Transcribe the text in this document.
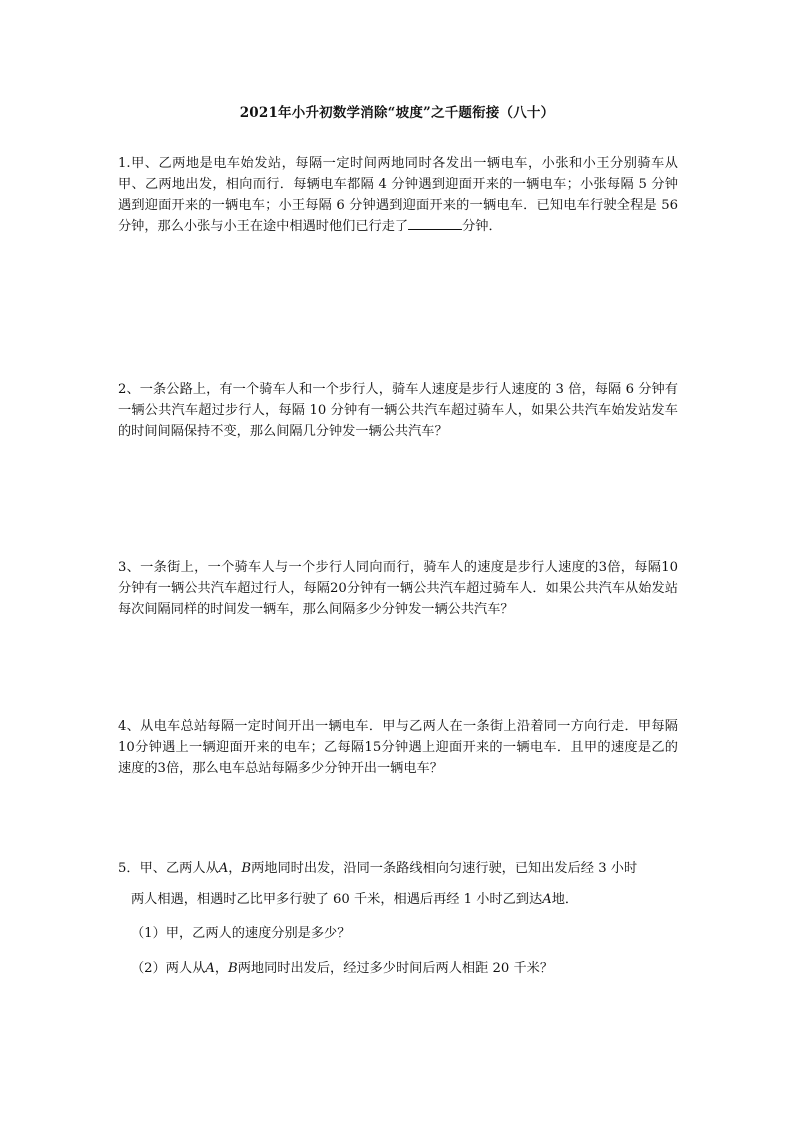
2021年小升初数学消除“坡度”之千题衔接（八十）
1.甲、乙两地是电车始发站，每隔一定时间两地同时各发出一辆电车，小张和小王分别骑车从甲、乙两地出发，相向而行．每辆电车都隔 4 分钟遇到迎面开来的一辆电车；小张每隔 5 分钟遇到迎面开来的一辆电车；小王每隔 6 分钟遇到迎面开来的一辆电车．已知电车行驶全程是 56 分钟，那么小张与小王在途中相遇时他们已行走了	分钟．
2、一条公路上，有一个骑车人和一个步行人，骑车人速度是步行人速度的 3 倍，每隔 6 分钟有一辆公共汽车超过步行人，每隔 10 分钟有一辆公共汽车超过骑车人，如果公共汽车始发站发车的时间间隔保持不变，那么间隔几分钟发一辆公共汽车？
3、一条街上，一个骑车人与一个步行人同向而行，骑车人的速度是步行人速度的3倍，每隔10分钟有一辆公共汽车超过行人，每隔20分钟有一辆公共汽车超过骑车人．如果公共汽车从始发站每次间隔同样的时间发一辆车，那么间隔多少分钟发一辆公共汽车？
4、从电车总站每隔一定时间开出一辆电车．甲与乙两人在一条街上沿着同一方向行走．甲每隔10分钟遇上一辆迎面开来的电车；乙每隔15分钟遇上迎面开来的一辆电车．且甲的速度是乙的速度的3倍，那么电车总站每隔多少分钟开出一辆电车？
5．甲、乙两人从A，B两地同时出发，沿同一条路线相向匀速行驶，已知出发后经 3 小时
两人相遇，相遇时乙比甲多行驶了 60 千米，相遇后再经 1 小时乙到达A地．
（1）甲，乙两人的速度分别是多少？
（2）两人从A，B两地同时出发后，经过多少时间后两人相距 20 千米？
